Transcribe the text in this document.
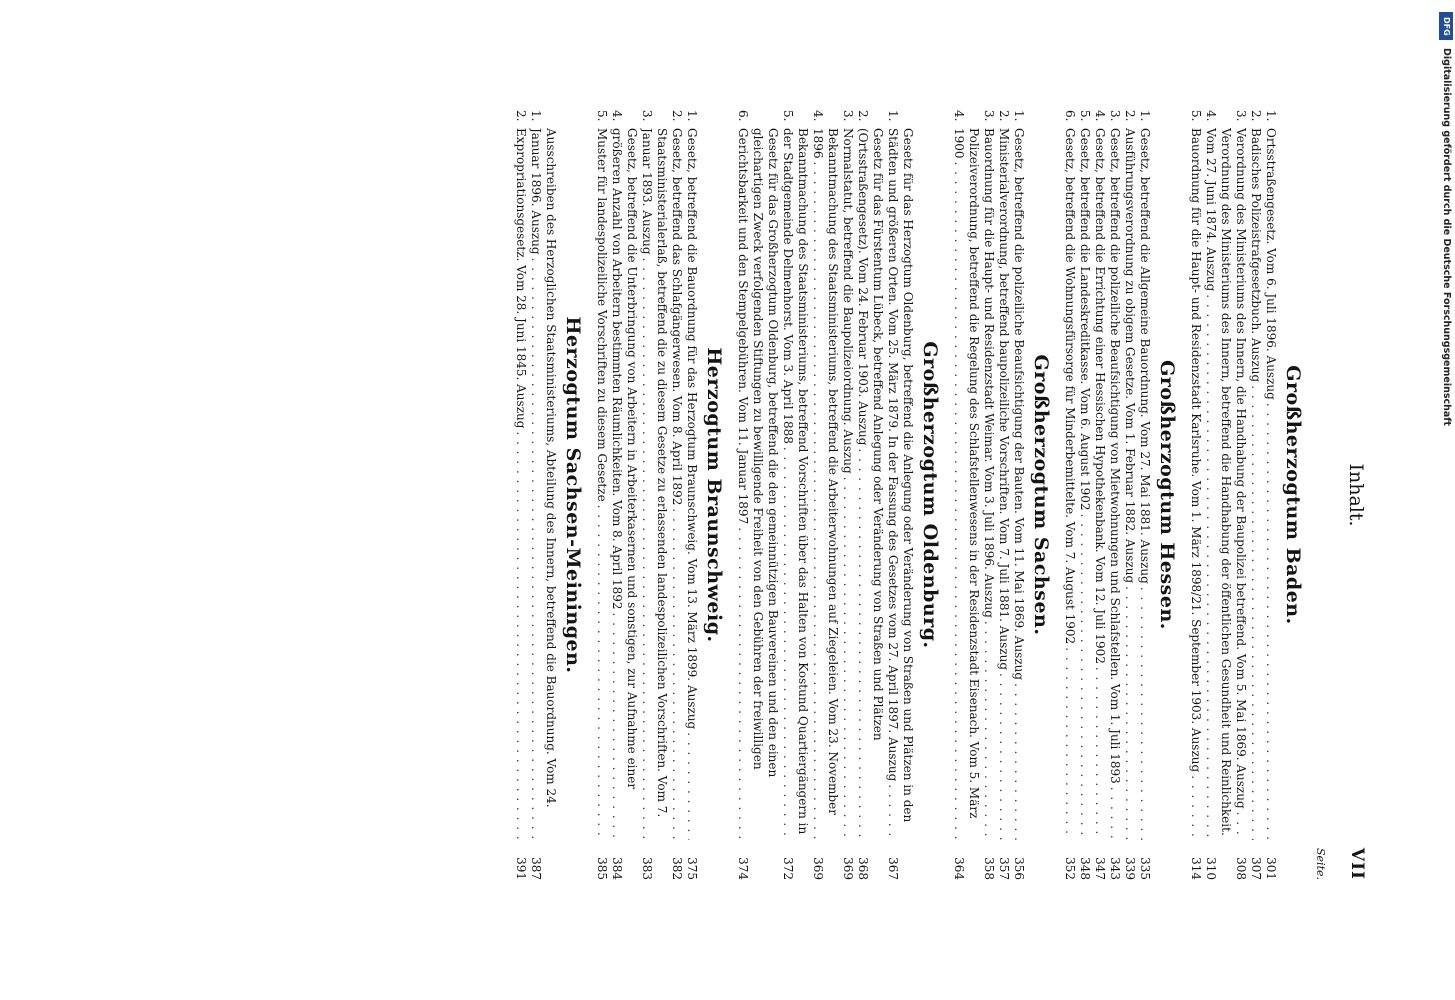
Inhalt.
VII
Seite.
Großherzogtum Baden.
1.
Ortsstraßengesetz. Vom 6. Juli 1896. Auszug . . .
301
2.
Badisches Polizeistrafgesetzbuch. Auszug . . .
307
3.
Verordnung des Ministeriums des Innern, die Handhabung der Baupolizei betreffend. Vom 5. Mai 1869. Auszug . . .
308
4.
Verordnung des Ministeriums des Innern, betreffend die Handhabung der öffentlichen Gesundheit und Reinlichkeit. Vom 27. Juni 1874. Auszug . . .
310
5.
Bauordnung für die Haupt- und Residenzstadt Karlsruhe. Vom 1. März 1898/21. September 1903. Auszug . . .
314
Großherzogtum Hessen.
1.
Gesetz, betreffend die Allgemeine Bauordnung. Vom 27. Mai 1881. Auszug . . .
335
2.
Ausführungsverordnung zu obigem Gesetze. Vom 1. Februar 1882. Auszug . . .
339
3.
Gesetz, betreffend die polizeiliche Beaufsichtigung von Mietwohnungen und Schlafstellen. Vom 1. Juli 1893 . . .
343
4.
Gesetz, betreffend die Errichtung einer Hessischen Hypothekenbank. Vom 12. Juli 1902 . . .
347
5.
Gesetz, betreffend die Landeskreditkasse. Vom 6. August 1902 . . .
348
6.
Gesetz, betreffend die Wohnungsfürsorge für Minderbemittelte. Vom 7. August 1902 . . .
352
Großherzogtum Sachsen.
1.
Gesetz, betreffend die polizeiliche Beaufsichtigung der Bauten. Vom 11. Mai 1869. Auszug . . .
356
2.
Ministerialverordnung, betreffend baupolizeiliche Vorschriften. Vom 7. Juli 1881. Auszug . . .
357
3.
Bauordnung für die Haupt- und Residenzstadt Weimar. Vom 3. Juli 1896. Auszug . . .
358
4.
Polizeiverordnung, betreffend die Regelung des Schlafstellenwesens in der Residenzstadt Eisenach. Vom 5. März 1900 . . .
364
Großherzogtum Oldenburg.
1.
Gesetz für das Herzogtum Oldenburg, betreffend die Anlegung oder Veränderung von Straßen und Plätzen in den Städten und größeren Orten. Vom 25. März 1879. In der Fassung des Gesetzes vom 27. April 1897. Auszug . . .
367
2.
Gesetz für das Fürstentum Lübeck, betreffend Anlegung oder Veränderung von Straßen und Plätzen (Ortsstraßengesetz). Vom 24. Februar 1903. Auszug . . .
368
3.
Normalstatut, betreffend die Baupolizeiordnung. Auszug . . .
369
4.
Bekanntmachung des Staatsministeriums, betreffend die Arbeiterwohnungen auf Ziegeleien. Vom 23. November 1896 . . .
369
5.
Bekanntmachung des Staatsministeriums, betreffend Vorschriften über das Halten von Kostund Quartiergängern in der Stadtgemeinde Delmenhorst. Vom 3. April 1888 . . .
372
6.
Gesetz für das Großherzogtum Oldenburg, betreffend die den gemeinnützigen Bauvereinen und den einen gleichartigen Zweck verfolgenden Stiftungen zu bewilligende Freiheit von den Gebühren der freiwilligen Gerichtsbarkeit und den Stempelgebühren. Vom 11. Januar 1897 . . .
374
Herzogtum Braunschweig.
1.
Gesetz, betreffend die Bauordnung für das Herzogtum Braunschweig. Vom 13. März 1899. Auszug . . .
375
2.
Gesetz, betreffend das Schlafgängerwesen. Vom 8. April 1892 . . .
382
3.
Staatsministerialerlaß, betreffend die zu diesem Gesetze zu erlassenden landespolizeilichen Vorschriften. Vom 7. Januar 1893. Auszug . . .
383
4.
Gesetz, betreffend die Unterbringung von Arbeitern in Arbeiterkasernen und sonstigen, zur Aufnahme einer größeren Anzahl von Arbeitern bestimmten Räumlichkeiten. Vom 8. April 1892 . . .
384
5.
Muster für landespolizeiliche Vorschriften zu diesem Gesetze . . .
385
Herzogtum Sachsen-Meiningen.
1.
Ausschreiben des Herzoglichen Staatsministeriums, Abteilung des Innern, betreffend die Bauordnung. Vom 24. Januar 1896. Auszug . . .
387
2.
Expropriationsgesetz. Vom 28. Juni 1845. Auszug . . .
391
DFG
Digitalisierung gefördert durch die Deutsche Forschungsgemeinschaft
